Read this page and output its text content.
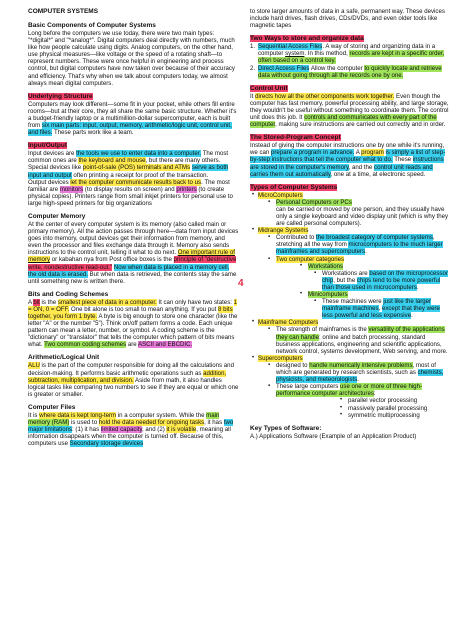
COMPUTER SYSTEMS
Basic Components of Computer Systems

Long before the computers we use today, there were two main types: "*digital*" and "*analog*". Digital computers deal directly with numbers, much like how people calculate using digits. Analog computers, on the other hand, use physical measures—like voltage or the speed of a rotating shaft—to represent numbers. These were once helpful in engineering and process control, but digital computers have now taken over because of their accuracy and efficiency. That's why when we talk about computers today, we almost always mean digital computers.

Underlying Structure

Computers may look different—some fit in your pocket, while others fill entire rooms—but at their core, they all share the same basic structure. Whether it's a budget-friendly laptop or a multimillion-dollar supercomputer, each is built from six main parts: input, output, memory, arithmetic/logic unit, control unit, and files. These parts work like a team.

Input/Output

Input devices are the tools we use to enter data into a computer. The most common ones are the keyboard and mouse, but there are many others. Special devices like point-of-sale (POS) terminals and ATMs serve as both input and output often printing a receipt for proof of the transaction.

Output devices let the computer communicate results back to us. The most familiar are monitors (to display results on screen) and printers (to create physical copies). Printers range from small inkjet printers for personal use to large high-speed printers for big organizations

Computer Memory

At the center of every computer system is its memory (also called main or primary memory). All the action passes through here—data from input devices goes into memory, output devices get their information from memory, and even the processor and files exchange data through it. Memory also sends instructions to the control unit, telling it what to do next. One important rule of memory or kabahan nya from Post office boxes is the principle of "destructive write, nondestructive read-out." Now when data is placed in a memory cell, the old data is erased. But when data is retrieved, the contents stay the same until something new is written there.

Bits and Coding Schemes

A bit is the smallest piece of data in a computer. It can only have two states: 1 = ON, 0 = OFF. One bit alone is too small to mean anything. If you put 8 bits together, you form 1 byte. A byte is big enough to store one character (like the letter "A" or the number "5"). Think on/off pattern forms a code. Each unique pattern can mean a letter, number, or symbol. A coding scheme is the "dictionary" or "translator" that tells the computer which pattern of bits means what. Two common coding schemes are ASCII and EBCDIC.

Arithmetic/Logical Unit

ALU is the part of the computer responsible for doing all the calculations and decision-making. It performs basic arithmetic operations such as addition, subtraction, multiplication, and division. Aside from math, it also handles logical tasks like comparing two numbers to see if they are equal or which one is greater or smaller.

Computer Files

It is where data is kept long-term in a computer system. While the main memory (RAM) is used to hold the data needed for ongoing tasks, it has two major limitations: (1) it has limited capacity, and (2) it is volatile, meaning all information disappears when the computer is turned off. Because of this, computers use Secondary storage devices

to store larger amounts of data in a safe, permanent way. These devices include hard drives, flash drives, CDs/DVDs, and even older tools like magnetic tapes

Two Ways to store and organize data
1. Sequential Access Files. A way of storing and organizing data in a computer system. In this method, records are kept in a specific order, often based on a control key.
2. Direct Access Files Allow the computer to quickly locate and retrieve data without going through all the records one by one.
Control Unit

It directs how all the other components work together. Even though the computer has fast memory, powerful processing ability, and large storage, they wouldn't be useful without something to coordinate them. The control unit does this job. It controls and communicates with every part of the computer, making sure instructions are carried out correctly and in order.

The Stored-Program Concept

Instead of giving the computer instructions one by one while it's running, we can prepare a program in advance. A program is simply a list of step-by-step instructions that tell the computer what to do. These instructions are stored in the computer's memory, and the control unit reads and carries them out automatically, one at a time, at electronic speed.

4
Types of Computer Systems
• MicroComputers
▪ Personal Computers or PCs
can be carried or moved by one person, and they usually have only a single keyboard and video display unit (which is why they are called personal computers).
• Midrange Systems
▪ Contributed to the broadest category of computer systems, stretching all the way from microcomputers to the much larger mainframes and supercomputers.
▪ Two computer categories
• Workstations
▪ Workstations are based on the microprocessor chip, but the chips tend to be more powerful than those used in microcomputers.
• Minicomputers
▪ These machines were just like the larger mainframe machines, except that they were less powerful and less expensive.
• Mainframe Computers
▪ The strength of mainframes is the versatility of the applications they can handle: online and batch processing, standard business applications, engineering and scientific applications, network control, systems development, Web serving, and more.
• Supercomputers
▪ designed to handle numerically intensive problems, most of which are generated by research scientists, such as chemists, physicists, and meteorologists.
▪ These large computers use one or more of three high-performance computer architectures:
• parallel vector processing
• massively parallel processing
• symmetric multiprocessing
Key Types of Software:

A.) Applications Software (Example of an Application Product)
